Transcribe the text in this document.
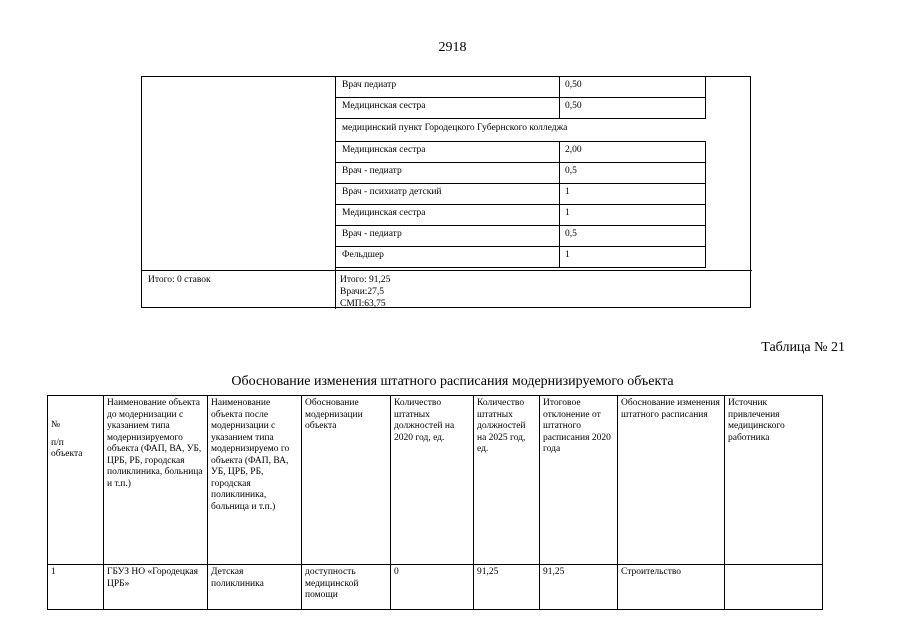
2918
Врач педиатр	0,50
Медицинская сестра	0,50
медицинский пункт Городецкого Губернского колледжа
Медицинская сестра	2,00
Врач - педиатр	0,5
Врач - психиатр детский	1
Медицинская сестра	1
Врач - педиатр	0,5
Фельдшер	1
Итого: 0 ставок	Итого: 91,25
Врачи:27,5
СМП:63,75
Таблица № 21
Обоснование изменения штатного расписания модернизируемого объекта
№
п/п
объекта	Наименование объекта до модернизации с указанием типа модернизируемого объекта (ФАП, ВА, УБ, ЦРБ, РБ, городская поликлиника, больница и т.п.)	Наименование объекта после модернизации с указанием типа модернизируемо го объекта (ФАП, ВА, УБ, ЦРБ, РБ, городская поликлиника, больница и т.п.)	Обоснование модернизации объекта	Количество штатных должностей на 2020 год, ед.	Количество штатных должностей на 2025 год, ед.	Итоговое отклонение от штатного расписания 2020 года	Обоснование изменения штатного расписания	Источник привлечения медицинского работника
1	ГБУЗ НО «Городецкая ЦРБ»	Детская поликлиника	доступность медицинской помощи	0	91,25	91,25	Строительство	
